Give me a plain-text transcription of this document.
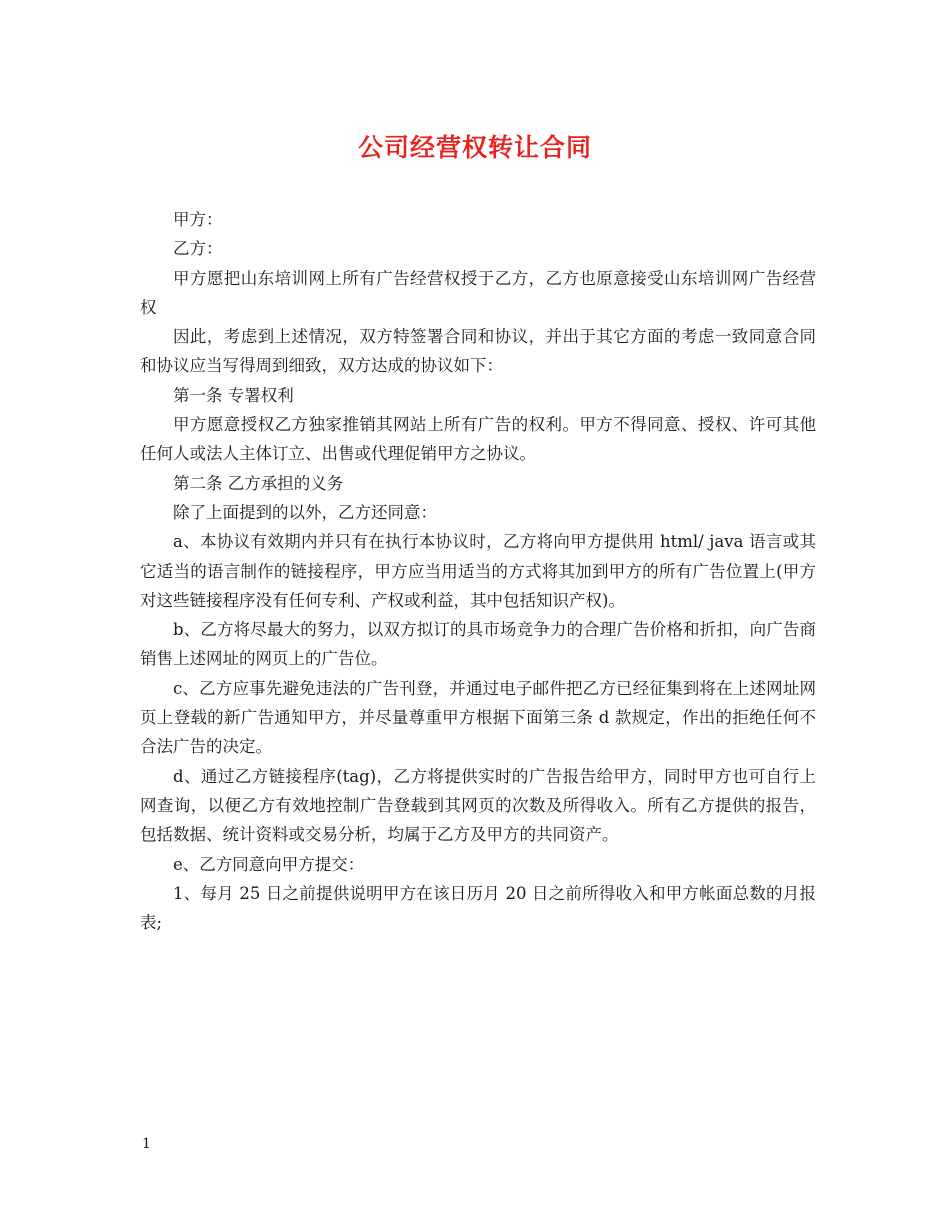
公司经营权转让合同

甲方：

乙方：

甲方愿把山东培训网上所有广告经营权授于乙方，乙方也原意接受山东培训网广告经营权

因此，考虑到上述情况，双方特签署合同和协议，并出于其它方面的考虑一致同意合同和协议应当写得周到细致，双方达成的协议如下：

第一条 专署权利

甲方愿意授权乙方独家推销其网站上所有广告的权利。甲方不得同意、授权、许可其他任何人或法人主体订立、出售或代理促销甲方之协议。

第二条 乙方承担的义务

除了上面提到的以外，乙方还同意：

a、本协议有效期内并只有在执行本协议时，乙方将向甲方提供用 html/ java 语言或其它适当的语言制作的链接程序，甲方应当用适当的方式将其加到甲方的所有广告位置上(甲方对这些链接程序没有任何专利、产权或利益，其中包括知识产权)。

b、乙方将尽最大的努力，以双方拟订的具市场竞争力的合理广告价格和折扣，向广告商销售上述网址的网页上的广告位。

c、乙方应事先避免违法的广告刊登，并通过电子邮件把乙方已经征集到将在上述网址网页上登载的新广告通知甲方，并尽量尊重甲方根据下面第三条 d 款规定，作出的拒绝任何不合法广告的决定。

d、通过乙方链接程序(tag)，乙方将提供实时的广告报告给甲方，同时甲方也可自行上网查询，以便乙方有效地控制广告登载到其网页的次数及所得收入。所有乙方提供的报告，包括数据、统计资料或交易分析，均属于乙方及甲方的共同资产。

e、乙方同意向甲方提交：

1、每月 25 日之前提供说明甲方在该日历月 20 日之前所得收入和甲方帐面总数的月报表;

1
